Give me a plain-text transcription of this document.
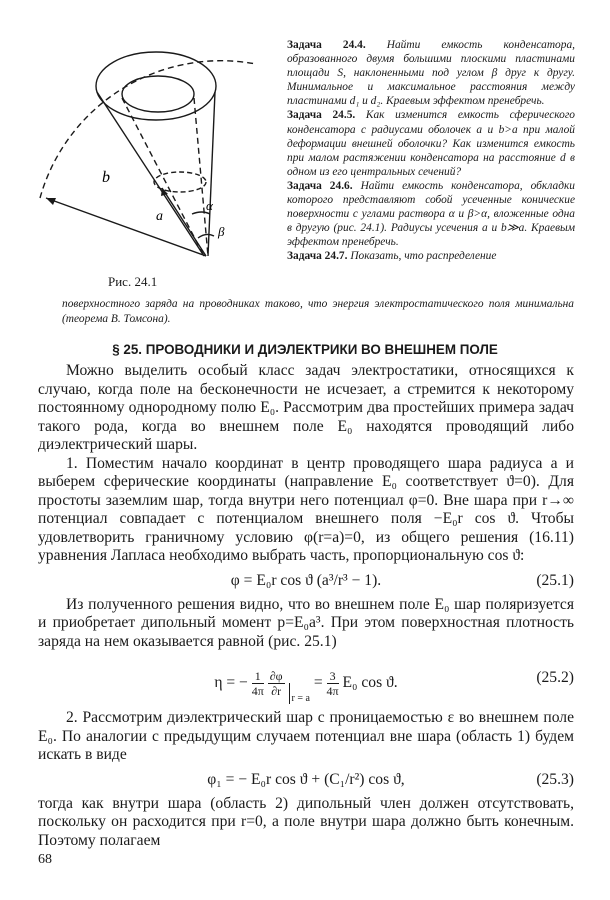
b
a
α
β
Рис. 24.1

Задача 24.4. Найти емкость конденсатора, образованного двумя большими плоскими пластинами площади S, наклоненными под углом β друг к другу. Минимальное и максимальное расстояния между пластинами d₁ и d₂. Краевым эффектом пренебречь.

Задача 24.5. Как изменится емкость сферического конденсатора с радиусами оболочек a и b>a при малой деформации внешней оболочки? Как изменится емкость при малом растяжении конденсатора на расстояние d в одном из его центральных сечений?

Задача 24.6. Найти емкость конденсатора, обкладки которого представляют собой усеченные конические поверхности с углами раствора α и β>α, вложенные одна в другую (рис. 24.1). Радиусы усечения a и b≫a. Краевым эффектом пренебречь.

Задача 24.7. Показать, что распределение

поверхностного заряда на проводниках таково, что энергия электростатического поля минимальна (теорема В. Томсона).
§ 25. ПРОВОДНИКИ И ДИЭЛЕКТРИКИ ВО ВНЕШНЕМ ПОЛЕ

Можно выделить особый класс задач электростатики, относящихся к случаю, когда поле на бесконечности не исчезает, а стремится к некоторому постоянному однородному полю E₀. Рассмотрим два простейших примера задач такого рода, когда во внешнем поле E₀ находятся проводящий либо диэлектрический шары.

1. Поместим начало координат в центр проводящего шара радиуса a и выберем сферические координаты (направление E₀ соответствует ϑ=0). Для простоты заземлим шар, тогда внутри него потенциал φ=0. Вне шара при r→∞ потенциал совпадает с потенциалом внешнего поля −E₀r cos ϑ. Чтобы удовлетворить граничному условию φ(r=a)=0, из общего решения (16.11) уравнения Лапласа необходимо выбрать часть, пропорциональную cos ϑ:

φ = E₀r cos ϑ (a³/r³ − 1).	(25.1)

Из полученного решения видно, что во внешнем поле E₀ шар поляризуется и приобретает дипольный момент p=E₀a³. При этом поверхностная плотность заряда на нем оказывается равной (рис. 25.1)

η = − $\frac{1}{4\pi}$
$\frac{\partial\varphi}{\partial r}$
$_{r = a} = \frac{3}{4\pi} E_0$ cos ϑ.	(25.2)

2. Рассмотрим диэлектрический шар с проницаемостью ε во внешнем поле E₀. По аналогии с предыдущим случаем потенциал вне шара (область 1) будем искать в виде

φ₁ = − E₀r cos ϑ + (C₁/r²) cos ϑ,	(25.3)

тогда как внутри шара (область 2) дипольный член должен отсутствовать, поскольку он расходится при r=0, а поле внутри шара должно быть конечным. Поэтому полагаем

68
